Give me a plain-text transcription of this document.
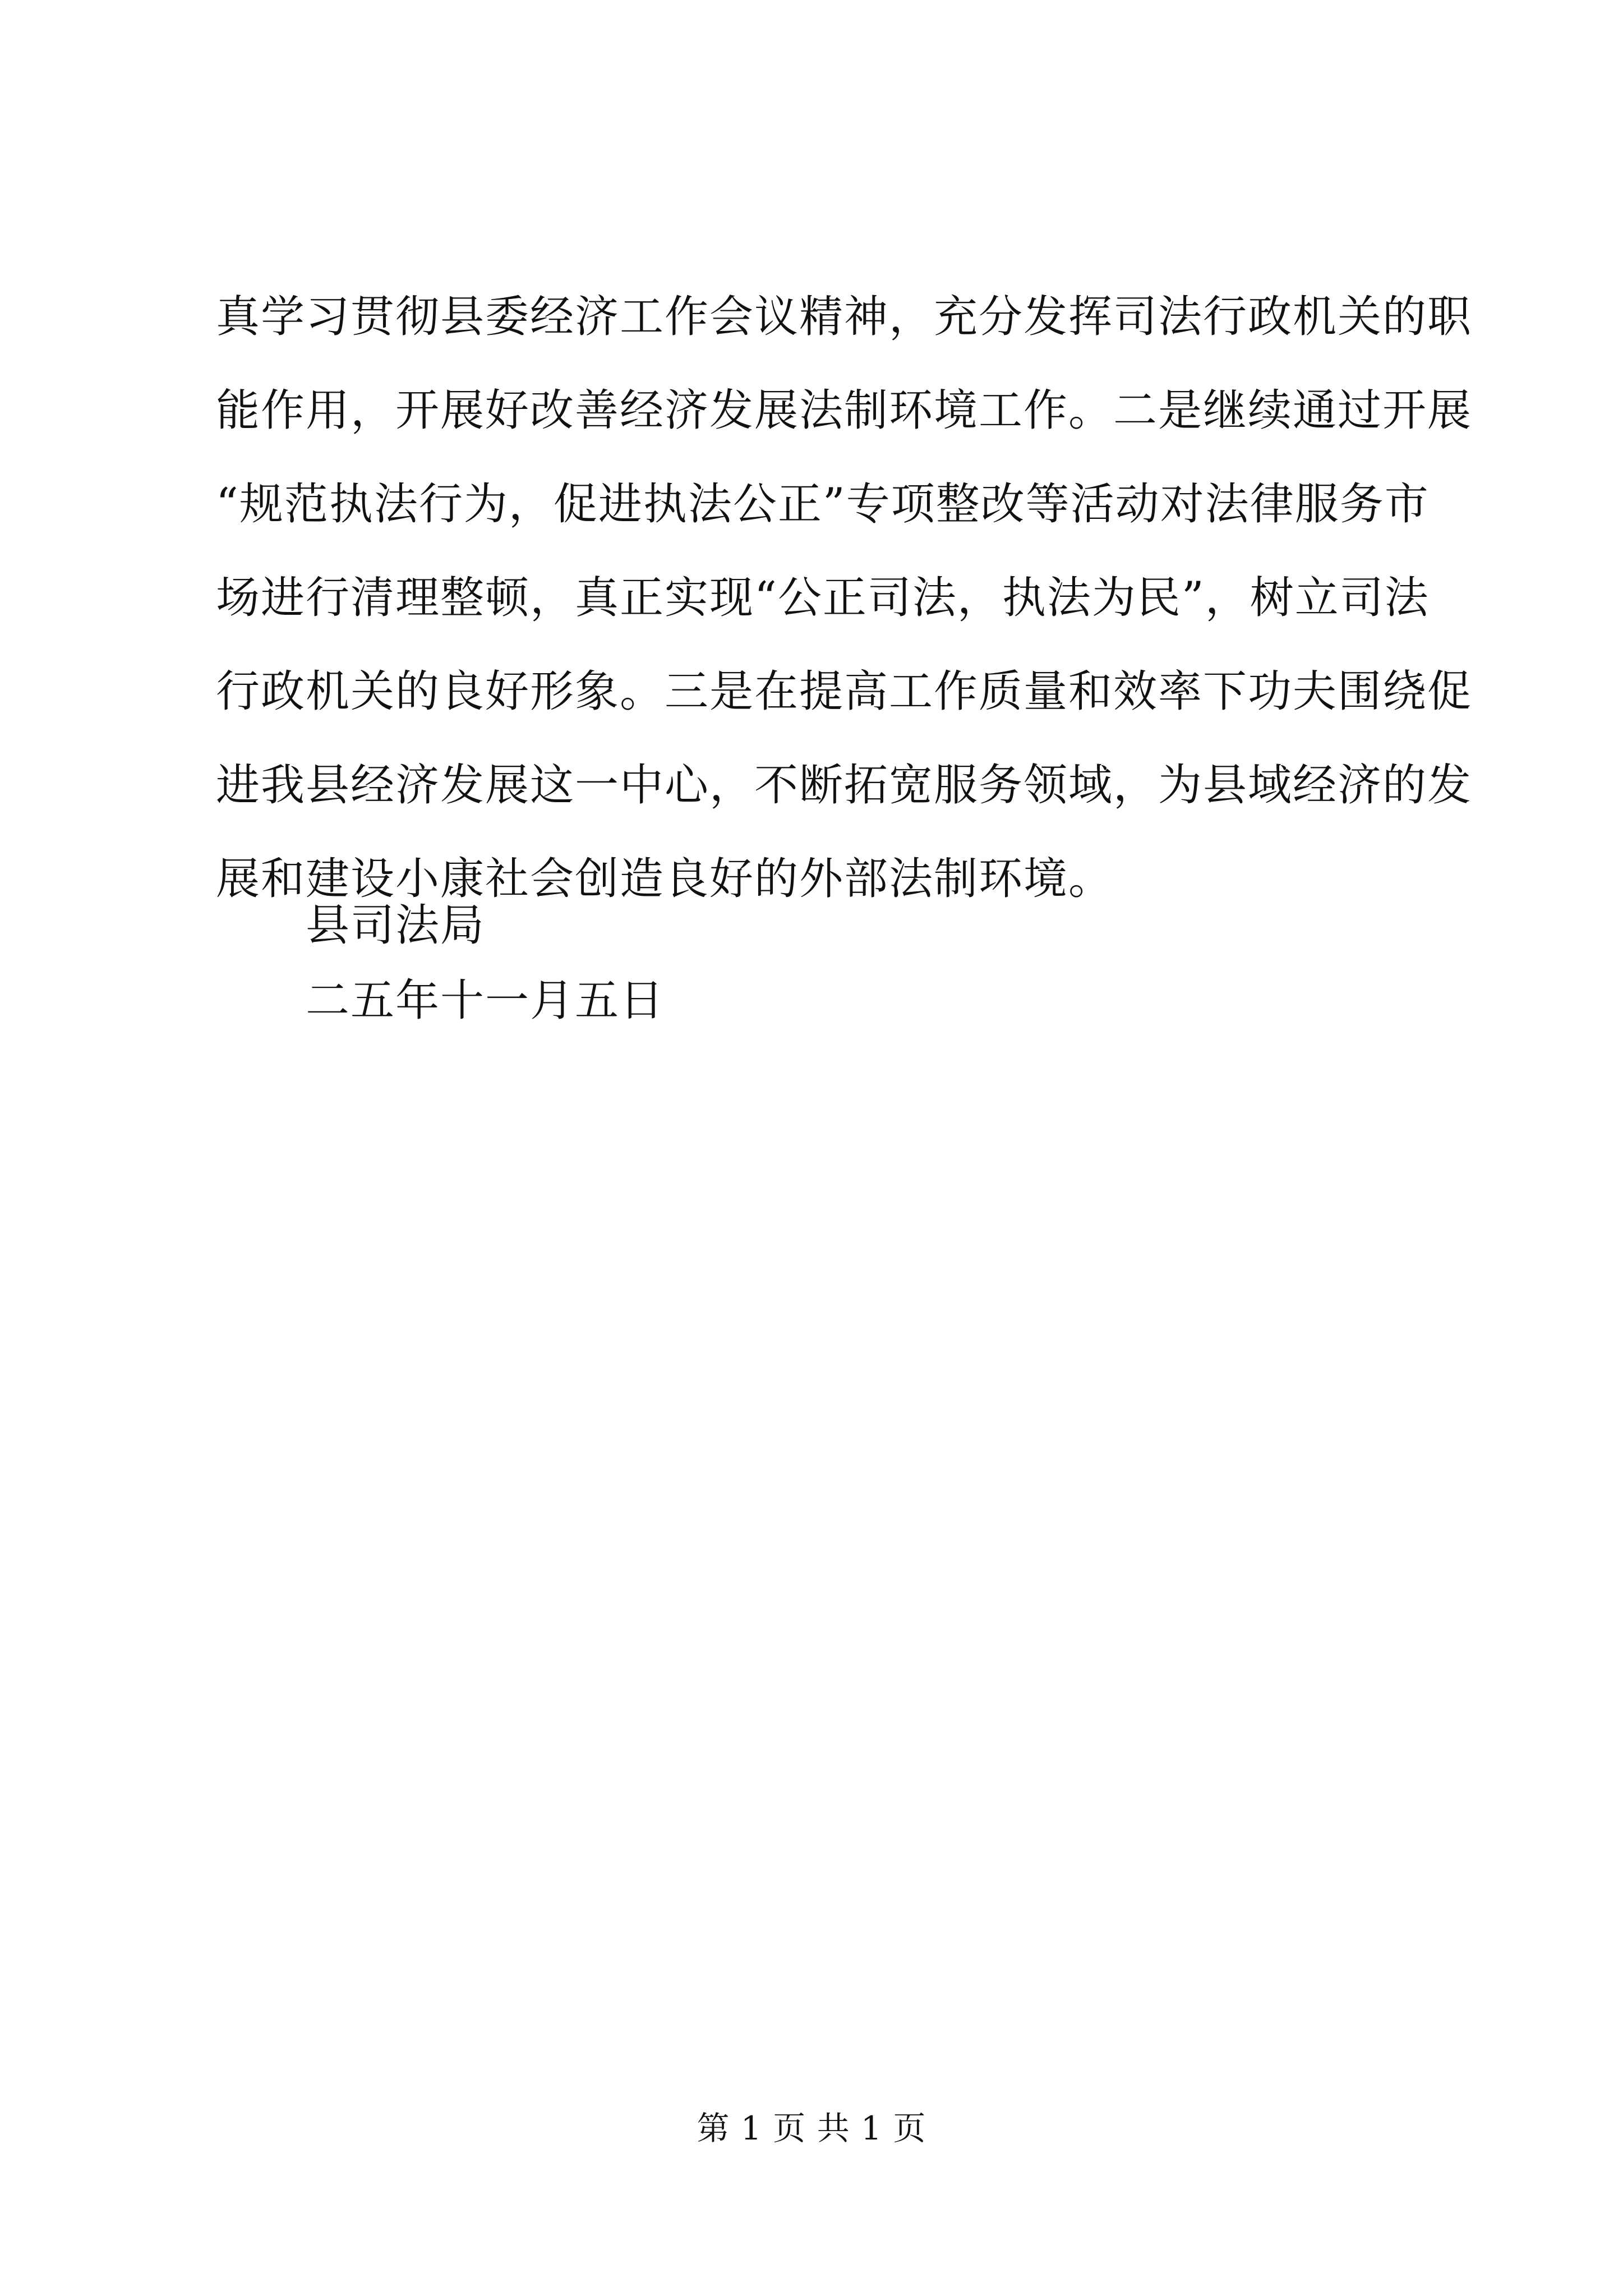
真学习贯彻县委经济工作会议精神，充分发挥司法行政机关的职
能作用，开展好改善经济发展法制环境工作。二是继续通过开展
“规范执法行为，促进执法公正”专项整改等活动对法律服务市
场进行清理整顿，真正实现“公正司法，执法为民”，树立司法
行政机关的良好形象。三是在提高工作质量和效率下功夫围绕促
进我县经济发展这一中心，不断拓宽服务领域，为县域经济的发
展和建设小康社会创造良好的外部法制环境。

县司法局

二五年十一月五日

第 1 页 共 1 页
